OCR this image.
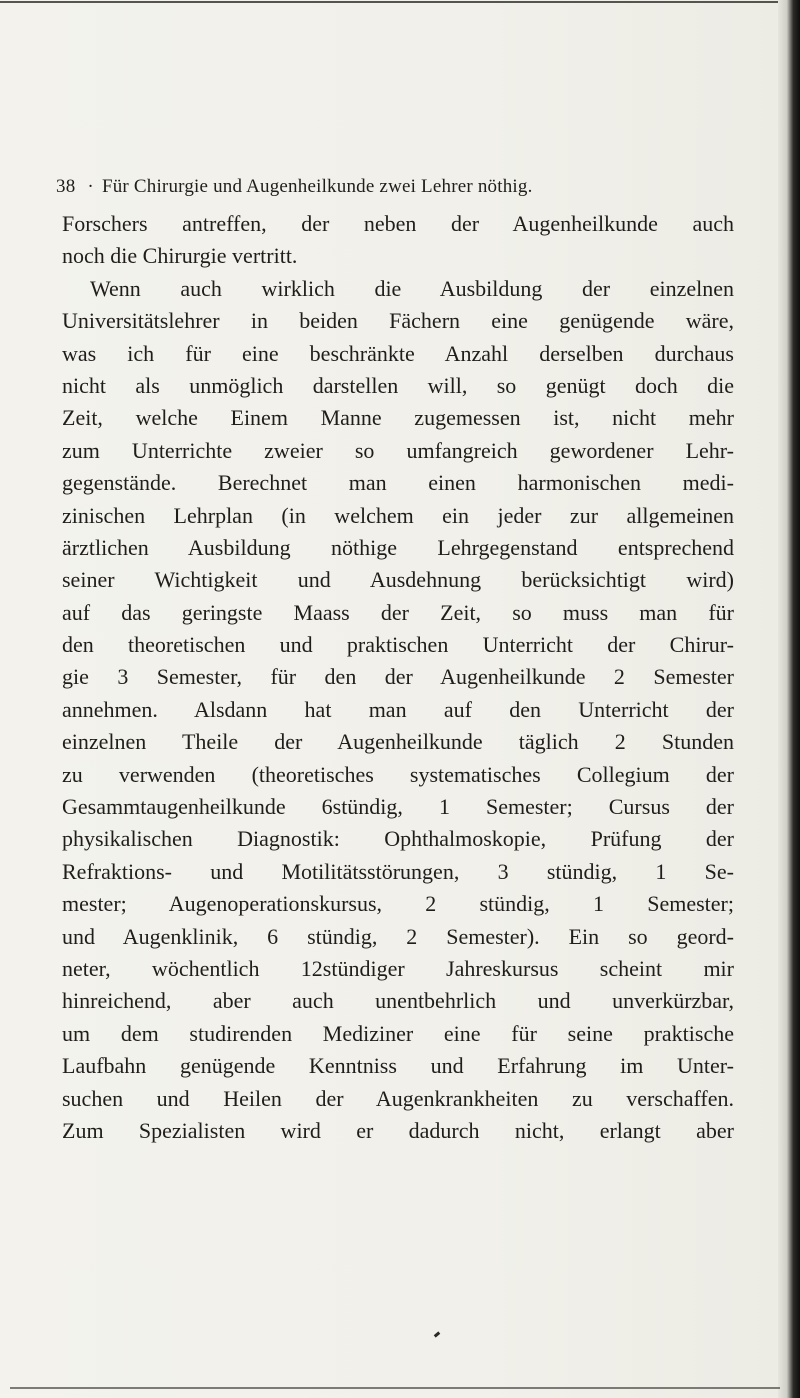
38 · Für Chirurgie und Augenheilkunde zwei Lehrer nöthig.
Forschers antreffen, der neben der Augenheilkunde auch
noch die Chirurgie vertritt.
Wenn auch wirklich die Ausbildung der einzelnen
Universitätslehrer in beiden Fächern eine genügende wäre,
was ich für eine beschränkte Anzahl derselben durchaus
nicht als unmöglich darstellen will, so genügt doch die
Zeit, welche Einem Manne zugemessen ist, nicht mehr
zum Unterrichte zweier so umfangreich gewordener Lehr-
gegenstände. Berechnet man einen harmonischen medi-
zinischen Lehrplan (in welchem ein jeder zur allgemeinen
ärztlichen Ausbildung nöthige Lehrgegenstand entsprechend
seiner Wichtigkeit und Ausdehnung berücksichtigt wird)
auf das geringste Maass der Zeit, so muss man für
den theoretischen und praktischen Unterricht der Chirur-
gie 3 Semester, für den der Augenheilkunde 2 Semester
annehmen. Alsdann hat man auf den Unterricht der
einzelnen Theile der Augenheilkunde täglich 2 Stunden
zu verwenden (theoretisches systematisches Collegium der
Gesammtaugenheilkunde 6stündig, 1 Semester; Cursus der
physikalischen Diagnostik: Ophthalmoskopie, Prüfung der
Refraktions- und Motilitätsstörungen, 3 stündig, 1 Se-
mester; Augenoperationskursus, 2 stündig, 1 Semester;
und Augenklinik, 6 stündig, 2 Semester). Ein so geord-
neter, wöchentlich 12stündiger Jahreskursus scheint mir
hinreichend, aber auch unentbehrlich und unverkürzbar,
um dem studirenden Mediziner eine für seine praktische
Laufbahn genügende Kenntniss und Erfahrung im Unter-
suchen und Heilen der Augenkrankheiten zu verschaffen.
Zum Spezialisten wird er dadurch nicht, erlangt aber
